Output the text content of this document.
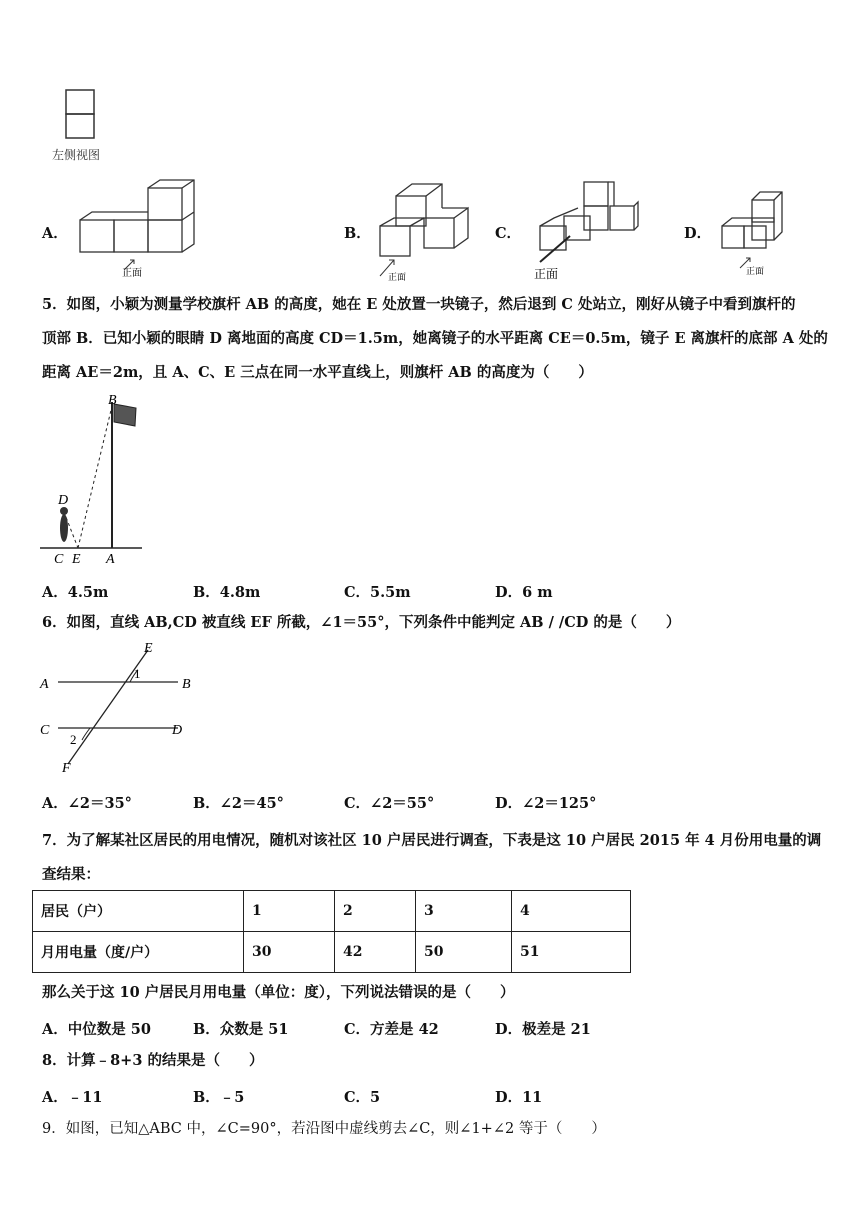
左侧视图
A．
正面
B．
正面
C．
正面
D．
正面
5．如图，小颖为测量学校旗杆 AB 的高度，她在 E 处放置一块镜子，然后退到 C 处站立，刚好从镜子中看到旗杆的
顶部 B．已知小颖的眼睛 D 离地面的高度 CD＝1.5m，她离镜子的水平距离 CE＝0.5m，镜子 E 离旗杆的底部 A 处的
距离 AE＝2m，且 A、C、E 三点在同一水平直线上，则旗杆 AB 的高度为（　　）
B
D
C E A
A．4.5m	B．4.8m	C．5.5m	D．6 m
6．如图，直线 AB,CD 被直线 EF 所截，∠1＝55°，下列条件中能判定 AB / /CD 的是（　　）
A	B
C	D
E
F
1
2
A．∠2＝35°	B．∠2＝45°	C．∠2＝55°	D．∠2＝125°
7．为了解某社区居民的用电情况，随机对该社区 10 户居民进行调查，下表是这 10 户居民 2015 年 4 月份用电量的调
查结果：
居民（户）	1	2	3	4
月用电量（度/户）	30	42	50	51
那么关于这 10 户居民月用电量（单位：度），下列说法错误的是（　　）
A．中位数是 50	B．众数是 51	C．方差是 42	D．极差是 21
8．计算﹣8+3 的结果是（　　）
A．﹣11	B．﹣5	C．5	D．11
9．如图，已知△ABC 中，∠C=90°，若沿图中虚线剪去∠C，则∠1+∠2 等于（　　）
